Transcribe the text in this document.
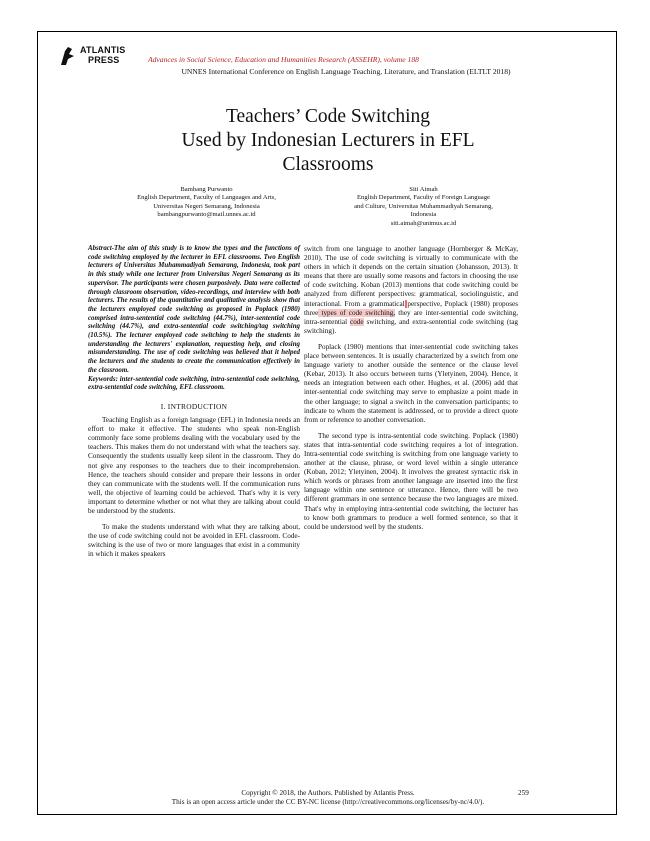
ATLANTIS
PRESS	Advances in Social Science, Education and Humanities Research (ASSEHR), volume 188
UNNES International Conference on English Language Teaching, Literature, and Translation (ELTLT 2018)
Teachers’ Code Switching
Used by Indonesian Lecturers in EFL
Classrooms
Bambang Purwanto
English Department, Faculty of Languages and Arts,
Universitas Negeri Semarang, Indonesia
bambangpurwanto@mail.unnes.ac.id
Siti Aimah
English Department, Faculty of Foreign Language
and Culture, Universitas Muhammadiyah Semarang,
Indonesia
siti.aimah@unimus.ac.id

Abstract-The aim of this study is to know the types and the functions of code switching employed by the lecturer in EFL classrooms. Two English lecturers of Universitas Muhammadiyah Semarang, Indonesia, took part in this study while one lecturer from Universitas Negeri Semarang as its supervisor. The participants were chosen purposively. Data were collected through classroom observation, video-recordings, and interview with both lecturers. The results of the quantitative and qualitative analysis show that the lecturers employed code switching as proposed in Poplack (1980) comprised intra-sentential code switching (44.7%), inter-sentential code switching (44.7%), and extra-sentential code switching/tag switching (10.5%). The lecturer employed code switching to help the students in understanding the lecturers' explanation, requesting help, and closing misunderstanding. The use of code switching was believed that it helped the lecturers and the students to create the communication effectively in the classroom.

Keywords: inter-sentential code switching, intra-sentential code switching, extra-sentential code switching, EFL classroom.

I. INTRODUCTION

Teaching English as a foreign language (EFL) in Indonesia needs an effort to make it effective. The students who speak non-English commonly face some problems dealing with the vocabulary used by the teachers. This makes them do not understand with what the teachers say. Consequently the students usually keep silent in the classroom. They do not give any responses to the teachers due to their incomprehension. Hence, the teachers should consider and prepare their lessons in order they can communicate with the students well. If the communication runs well, the objective of learning could be achieved. That's why it is very important to determine whether or not what they are talking about could be understood by the students.

To make the students understand with what they are talking about, the use of code switching could not be avoided in EFL classroom. Code-switching is the use of two or more languages that exist in a community in which it makes speakers

switch from one language to another language (Hornberger & McKay, 2010). The use of code switching is virtually to communicate with the others in which it depends on the certain situation (Johansson, 2013). It means that there are usually some reasons and factors in choosing the use of code switching. Koban (2013) mentions that code switching could be analyzed from different perspectives: grammatical, sociolinguistic, and interactional. From a grammatical perspective, Poplack (1980) proposes three types of code switching, they are inter-sentential code switching, intra-sentential code switching, and extra-sentential code switching (tag switching).

Poplack (1980) mentions that inter-sentential code switching takes place between sentences. It is usually characterized by a switch from one language variety to another outside the sentence or the clause level (Kebar, 2013). It also occurs between turns (Yletyinen, 2004). Hence, it needs an integration between each other. Hughes, et al. (2006) add that inter-sentential code switching may serve to emphasize a point made in the other language; to signal a switch in the conversation participants; to indicate to whom the statement is addressed, or to provide a direct quote from or reference to another conversation.

The second type is intra-sentential code switching. Poplack (1980) states that intra-sentential code switching requires a lot of integration. Intra-sentential code switching is switching from one language variety to another at the clause, phrase, or word level within a single utterance (Koban, 2012; Yletyinen, 2004). It involves the greatest syntactic risk in which words or phrases from another language are inserted into the first language within one sentence or utterance. Hence, there will be two different grammars in one sentence because the two languages are mixed. That's why in employing intra-sentential code switching, the lecturer has to know both grammars to produce a well formed sentence, so that it could be understood well by the students.

Copyright © 2018, the Authors. Published by Atlantis Press.
This is an open access article under the CC BY-NC license (http://creativecommons.org/licenses/by-nc/4.0/).
259
